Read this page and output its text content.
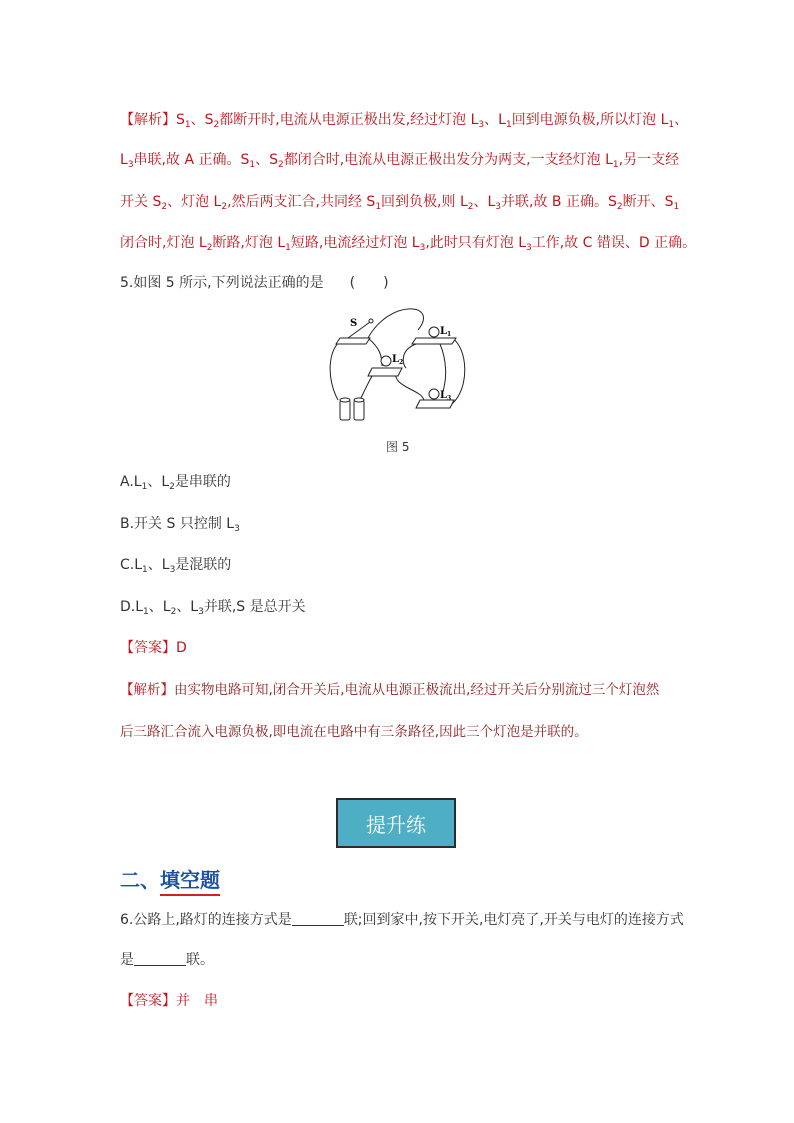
【解析】$S_1$、$S_2$都断开时,电流从电源正极出发,经过灯泡 $L_3$、$L_1$回到电源负极,所以灯泡 $L_1$、
$L_3$串联,故 A 正确。$S_1$、$S_2$都闭合时,电流从电源正极出发分为两支,一支经灯泡 $L_1$,另一支经
开关 $S_2$、灯泡 $L_2$,然后两支汇合,共同经 $S_1$回到负极,则 $L_2$、$L_3$并联,故 B 正确。$S_2$断开、$S_1$
闭合时,灯泡 $L_2$断路,灯泡 $L_1$短路,电流经过灯泡 $L_3$,此时只有灯泡 $L_3$工作,故 C 错误、D 正确。
5.如图 5 所示,下列说法正确的是 (　　)
S
$L_1$
$L_2$
$L_3$
图 5
$A.L_1$、$L_2$是串联的
B.开关 S 只控制 $L_3$
$C.L_1$、$L_3$是混联的
$D.L_1$、$L_2$、$L_3$并联,S 是总开关
【答案】D
【解析】由实物电路可知,闭合开关后,电流从电源正极流出,经过开关后分别流过三个灯泡然
后三路汇合流入电源负极,即电流在电路中有三条路径,因此三个灯泡是并联的。
提升练
二、填空题
6.公路上,路灯的连接方式是	联;回到家中,按下开关,电灯亮了,开关与电灯的连接方式
是	联。
【答案】并　串
